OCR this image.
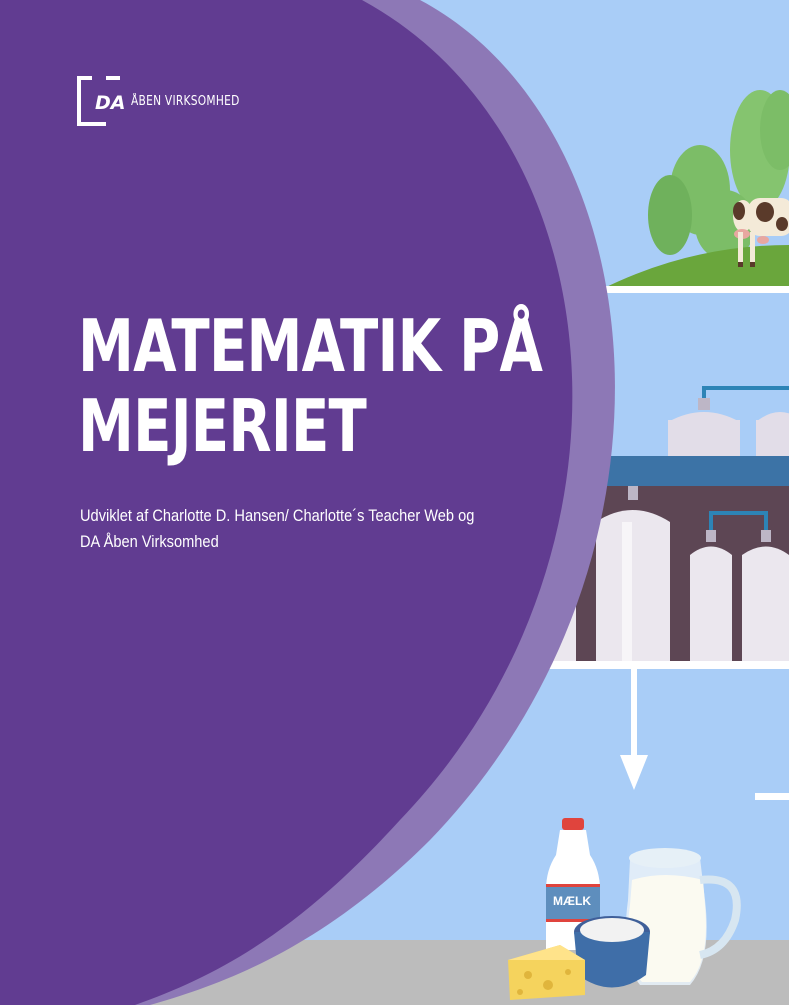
DA ÅBEN VIRKSOMHED
MATEMATIK PÅ
MEJERIET

Udviklet af Charlotte D. Hansen/ Charlotte´s Teacher Web og
DA Åben Virksomhed

MÆLK
